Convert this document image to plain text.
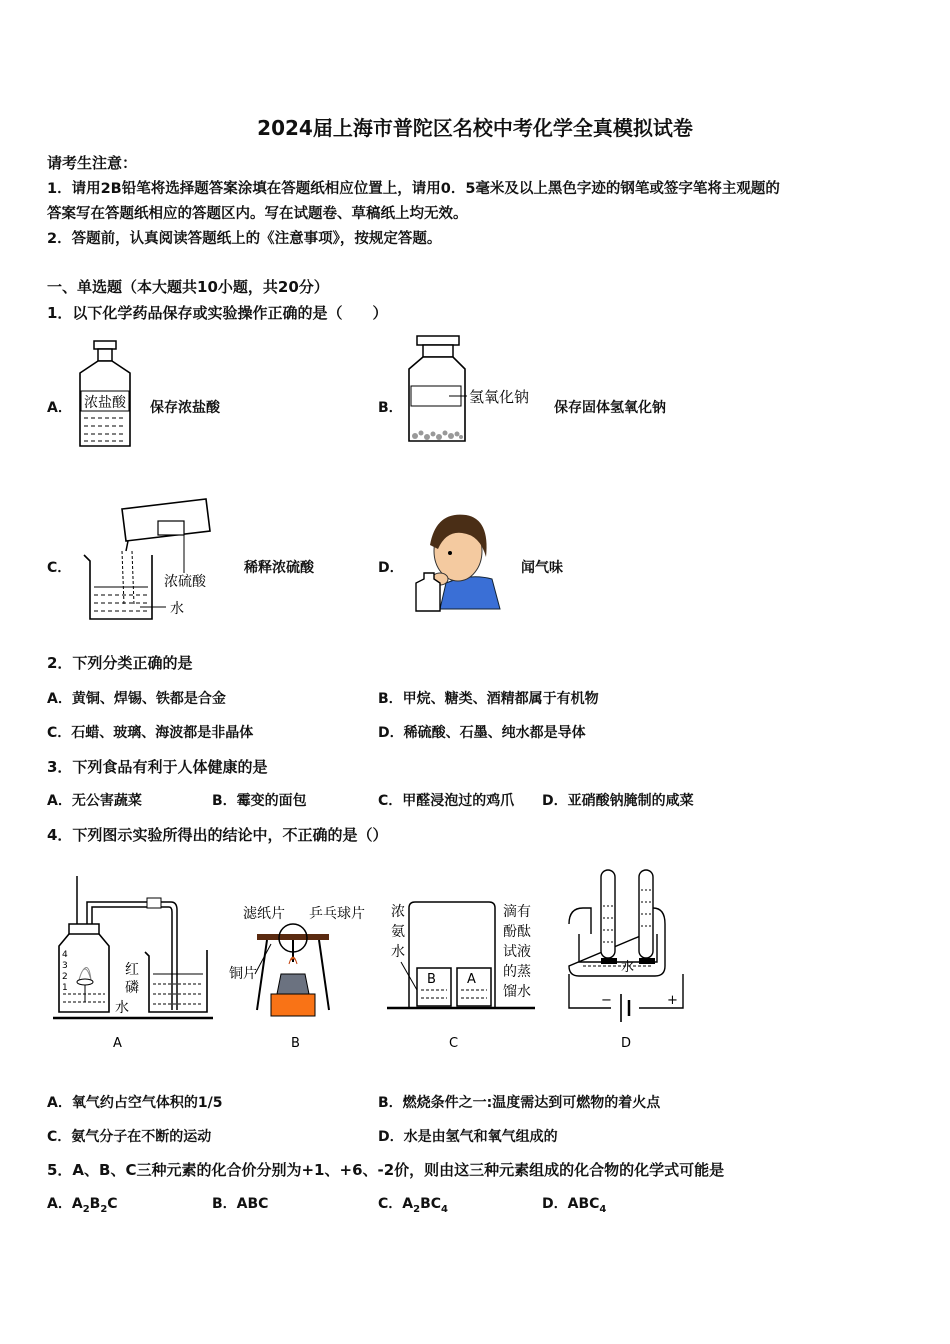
2024届上海市普陀区名校中考化学全真模拟试卷
请考生注意：
1．请用2B铅笔将选择题答案涂填在答题纸相应位置上，请用0．5毫米及以上黑色字迹的钢笔或签字笔将主观题的
答案写在答题纸相应的答题区内。写在试题卷、草稿纸上均无效。
2．答题前，认真阅读答题纸上的《注意事项》，按规定答题。
一、单选题（本大题共10小题，共20分）
1．以下化学药品保存或实验操作正确的是（　　）
A． 浓盐酸 保存浓盐酸	B．
氢氧化钠
保存固体氢氧化钠
C．
浓硫酸
水
稀释浓硫酸	D．	闻气味
2．下列分类正确的是
A．黄铜、焊锡、铁都是合金	B．甲烷、糖类、酒精都属于有机物
C．石蜡、玻璃、海波都是非晶体	D．稀硫酸、石墨、纯水都是导体
3．下列食品有利于人体健康的是
A．无公害蔬菜	B．霉变的面包	C．甲醛浸泡过的鸡爪 D．亚硝酸钠腌制的咸菜
4．下列图示实验所得出的结论中，不正确的是（）
4
3
2
1
红
磷
水
A
滤纸片 乒乓球片
铜片
B
浓
氨
水
B A
滴有
酚酞
试液
的蒸
馏水
C
水
−	+
D
A．氧气约占空气体积的1/5	B．燃烧条件之一:温度需达到可燃物的着火点
C．氨气分子在不断的运动	D．水是由氢气和氧气组成的
5．A、B、C三种元素的化合价分别为+1、+6、-2价，则由这三种元素组成的化合物的化学式可能是
A．$A_2B_2C$	B．ABC	C．$A_2BC_4$	D．$ABC_4$
